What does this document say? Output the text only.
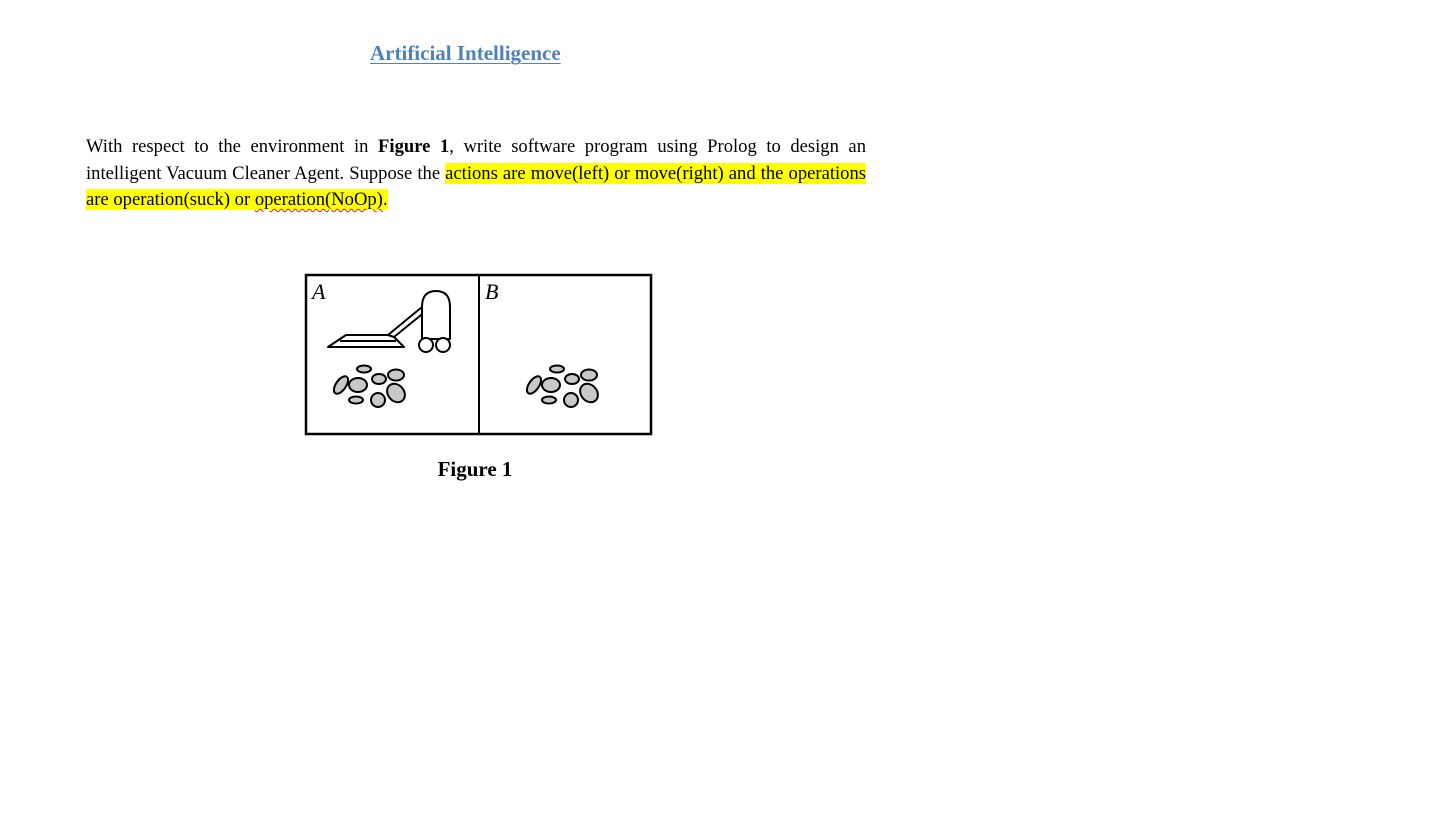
Artificial Intelligence
With respect to the environment in Figure 1, write software program using Prolog to design an intelligent Vacuum Cleaner Agent. Suppose the actions are move(left) or move(right) and the operations are operation(suck) or operation(NoOp).
A	B
Figure 1
